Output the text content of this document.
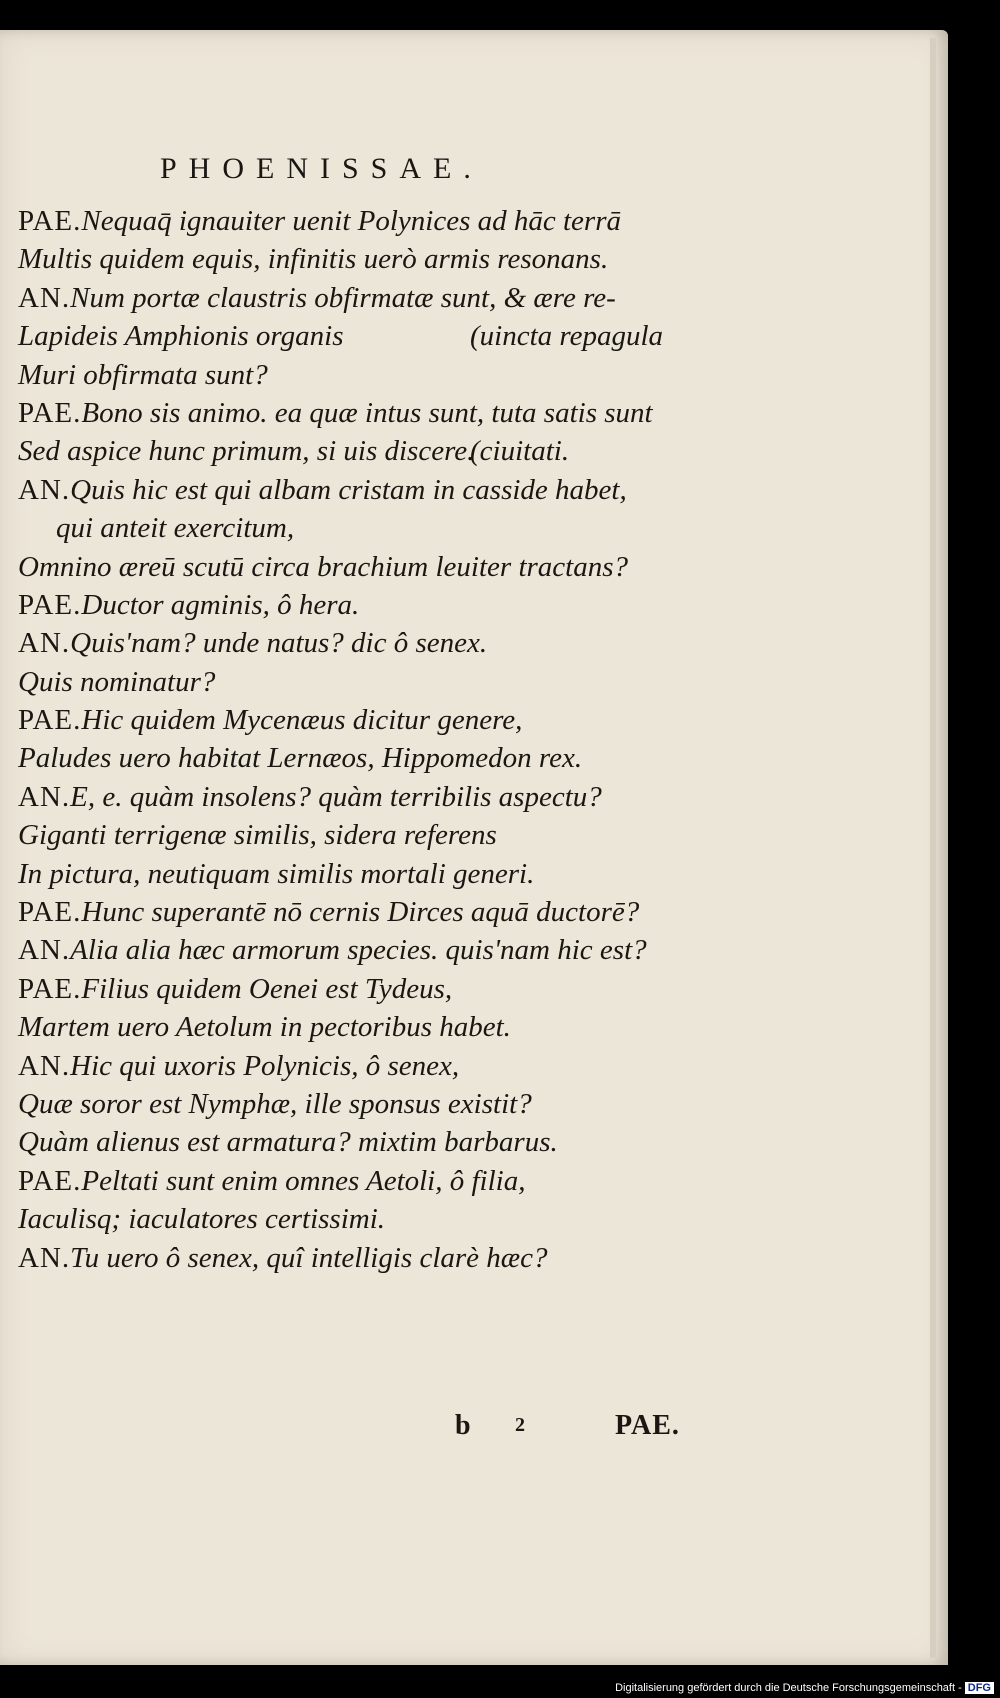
PHOENISSAE.
PAE.Nequaq̄ ignauiter uenit Polynices ad hāc terrā
Multis quidem equis, infinitis uerò armis resonans.
AN.Num portæ claustris obfirmatæ sunt, & ære re-
Lapideis Amphionis organis	(uincta repagula
Muri obfirmata sunt?
PAE.Bono sis animo. ea quæ intus sunt, tuta satis sunt
Sed aspice hunc primum, si uis discere.
(ciuitati.
AN.Quis hic est qui albam cristam in casside habet,
qui anteit exercitum,
Omnino æreū scutū circa brachium leuiter tractans?
PAE.Ductor agminis, ô hera.
AN.Quis'nam? unde natus? dic ô senex.
Quis nominatur?
PAE.Hic quidem Mycenæus dicitur genere,
Paludes uero habitat Lernæos, Hippomedon rex.
AN.E, e. quàm insolens? quàm terribilis aspectu?
Giganti terrigenæ similis, sidera referens
In pictura, neutiquam similis mortali generi.
PAE.Hunc superantē nō cernis Dirces aquā ductorē?
AN.Alia alia hæc armorum species. quis'nam hic est?
PAE.Filius quidem Oenei est Tydeus,
Martem uero Aetolum in pectoribus habet.
AN.Hic qui uxoris Polynicis, ô senex,
Quæ soror est Nymphæ, ille sponsus existit?
Quàm alienus est armatura? mixtim barbarus.
PAE.Peltati sunt enim omnes Aetoli, ô filia,
Iaculisq; iaculatores certissimi.
AN.Tu uero ô senex, quî intelligis clarè hæc?
b 2	PAE.
Digitalisierung gefördert durch die Deutsche Forschungsgemeinschaft - DFG
